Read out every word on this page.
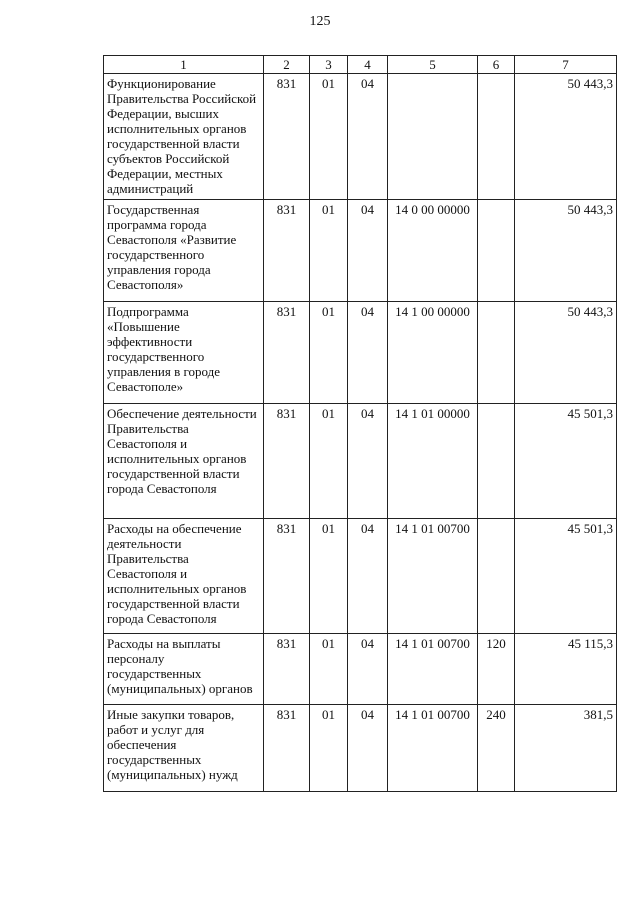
125
1	2	3	4	5	6	7
Функционирование Правительства Российской Федерации, высших исполнительных органов государственной власти субъектов Российской Федерации, местных администраций	831	01	04			50 443,3
Государственная программа города Севастополя «Развитие государственного управления города Севастополя»	831	01	04	14 0 00 00000		50 443,3
Подпрограмма «Повышение эффективности государственного управления в городе Севастополе»	831	01	04	14 1 00 00000		50 443,3
Обеспечение деятельности Правительства Севастополя и исполнительных органов государственной власти города Севастополя	831	01	04	14 1 01 00000		45 501,3
Расходы на обеспечение деятельности Правительства Севастополя и исполнительных органов государственной власти города Севастополя	831	01	04	14 1 01 00700		45 501,3
Расходы на выплаты персоналу государственных (муниципальных) органов	831	01	04	14 1 01 00700	120	45 115,3
Иные закупки товаров, работ и услуг для обеспечения государственных (муниципальных) нужд	831	01	04	14 1 01 00700	240	381,5
